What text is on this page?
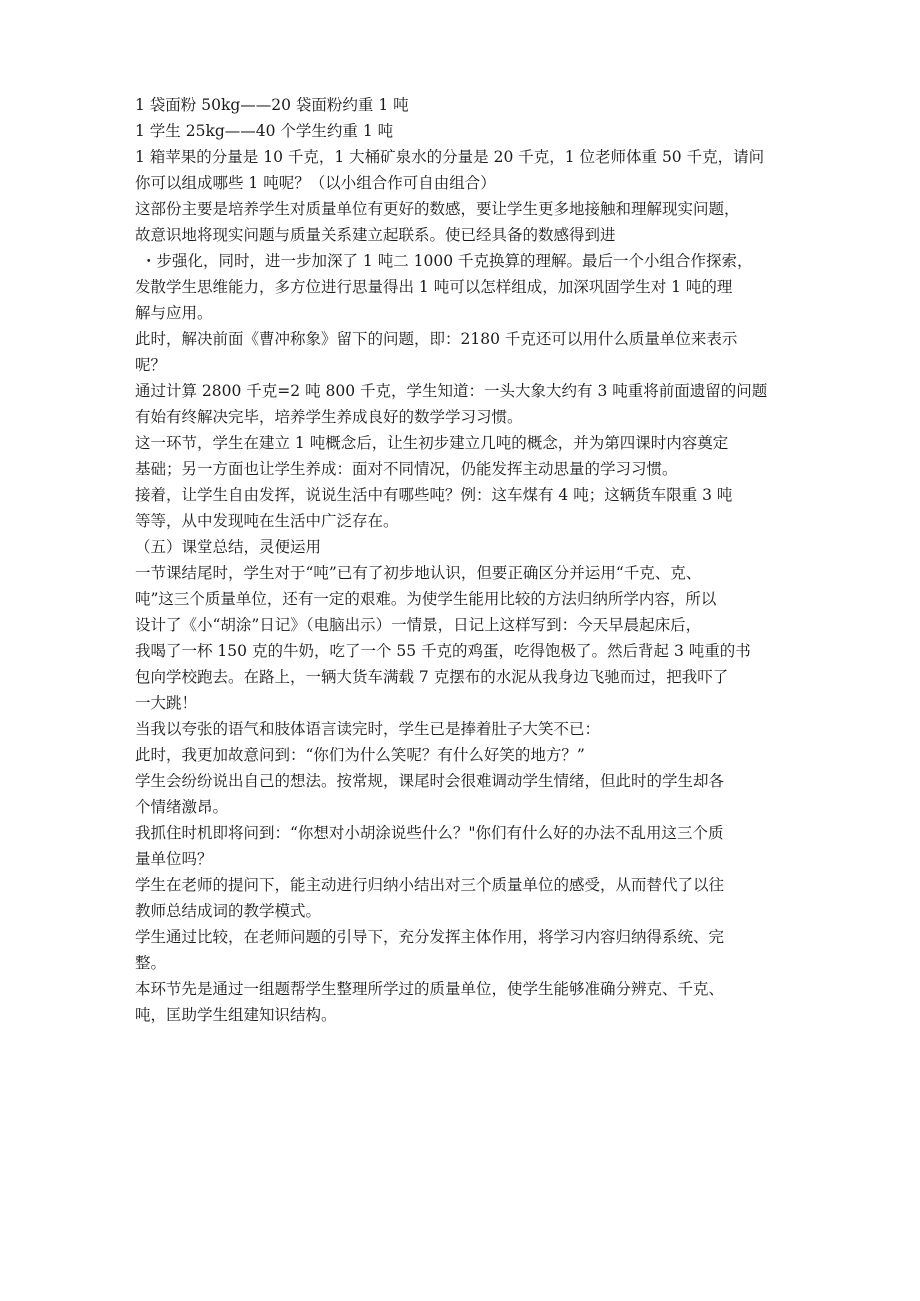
1 袋面粉 50kg——20 袋面粉约重 1 吨
1 学生 25kg——40 个学生约重 1 吨
1 箱苹果的分量是 10 千克，1 大桶矿泉水的分量是 20 千克，1 位老师体重 50 千克，请问
你可以组成哪些 1 吨呢？（以小组合作可自由组合）
这部份主要是培养学生对质量单位有更好的数感，要让学生更多地接触和理解现实问题，
故意识地将现实问题与质量关系建立起联系。使已经具备的数感得到进
・步强化，同时，进一步加深了 1 吨二 1000 千克换算的理解。最后一个小组合作探索，
发散学生思维能力，多方位进行思量得出 1 吨可以怎样组成，加深巩固学生对 1 吨的理
解与应用。
此时，解决前面《曹冲称象》留下的问题，即：2180 千克还可以用什么质量单位来表示
呢？
通过计算 2800 千克=2 吨 800 千克，学生知道：一头大象大约有 3 吨重将前面遗留的问题
有始有终解决完毕，培养学生养成良好的数学学习习惯。
这一环节，学生在建立 1 吨概念后，让生初步建立几吨的概念，并为第四课时内容奠定
基础；另一方面也让学生养成：面对不同情况，仍能发挥主动思量的学习习惯。
接着，让学生自由发挥，说说生活中有哪些吨？例：这车煤有 4 吨；这辆货车限重 3 吨
等等，从中发现吨在生活中广泛存在。
（五）课堂总结，灵便运用
一节课结尾时，学生对于“吨”已有了初步地认识，但要正确区分并运用“千克、克、
吨”这三个质量单位，还有一定的艰难。为使学生能用比较的方法归纳所学内容，所以
设计了《小“胡涂”日记》（电脑出示）一情景，日记上这样写到：今天早晨起床后，
我喝了一杯 150 克的牛奶，吃了一个 55 千克的鸡蛋，吃得饱极了。然后背起 3 吨重的书
包向学校跑去。在路上，一辆大货车满载 7 克摆布的水泥从我身边飞驰而过，把我吓了
一大跳！
当我以夸张的语气和肢体语言读完时，学生已是捧着肚子大笑不已：
此时，我更加故意问到：“你们为什么笑呢？有什么好笑的地方？”
学生会纷纷说出自己的想法。按常规，课尾时会很难调动学生情绪，但此时的学生却各
个情绪激昂。
我抓住时机即将问到：“你想对小胡涂说些什么？"你们有什么好的办法不乱用这三个质
量单位吗？
学生在老师的提问下，能主动进行归纳小结出对三个质量单位的感受，从而替代了以往
教师总结成词的教学模式。
学生通过比较，在老师问题的引导下，充分发挥主体作用，将学习内容归纳得系统、完
整。
本环节先是通过一组题帮学生整理所学过的质量单位，使学生能够准确分辨克、千克、
吨，匡助学生组建知识结构。
